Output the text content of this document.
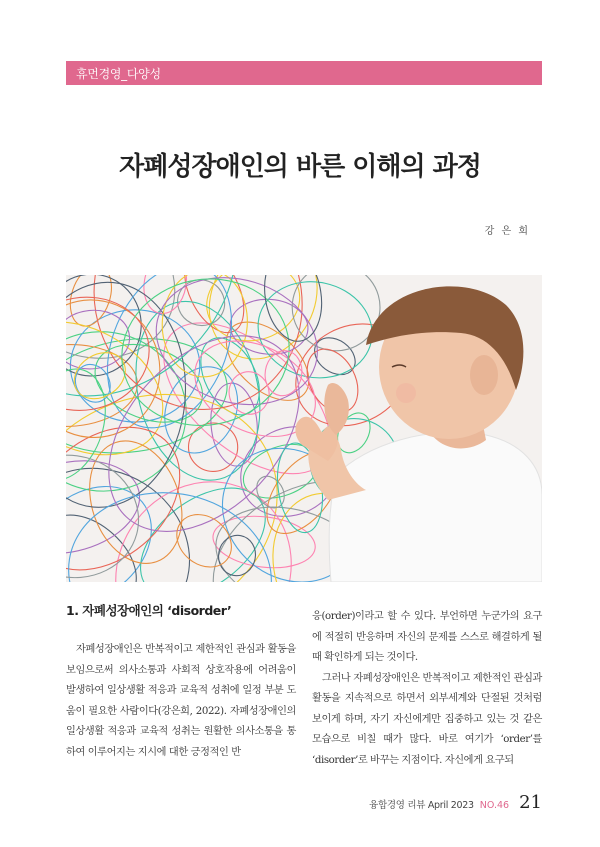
휴먼경영_다양성
자폐성장애인의 바른 이해의 과정
강 은 희
1. 자폐성장애인의 ‘disorder’

자폐성장애인은 반복적이고 제한적인 관심과 활동을 보임으로써 의사소통과 사회적 상호작용에 어려움이 발생하여 일상생활 적응과 교육적 성취에 일정 부분 도움이 필요한 사람이다(강은희, 2022). 자폐성장애인의 일상생활 적응과 교육적 성취는 원활한 의사소통을 통하여 이루어지는 지시에 대한 긍정적인 반

응(order)이라고 할 수 있다. 부언하면 누군가의 요구에 적절히 반응하며 자신의 문제를 스스로 해결하게 될 때 확인하게 되는 것이다.

그러나 자폐성장애인은 반복적이고 제한적인 관심과 활동을 지속적으로 하면서 외부세계와 단절된 것처럼 보이게 하며, 자기 자신에게만 집중하고 있는 것 같은 모습으로 비칠 때가 많다. 바로 여기가 ‘order’를 ‘disorder’로 바꾸는 지점이다. 자신에게 요구되

융합경영 리뷰 April 2023 NO.46 21
